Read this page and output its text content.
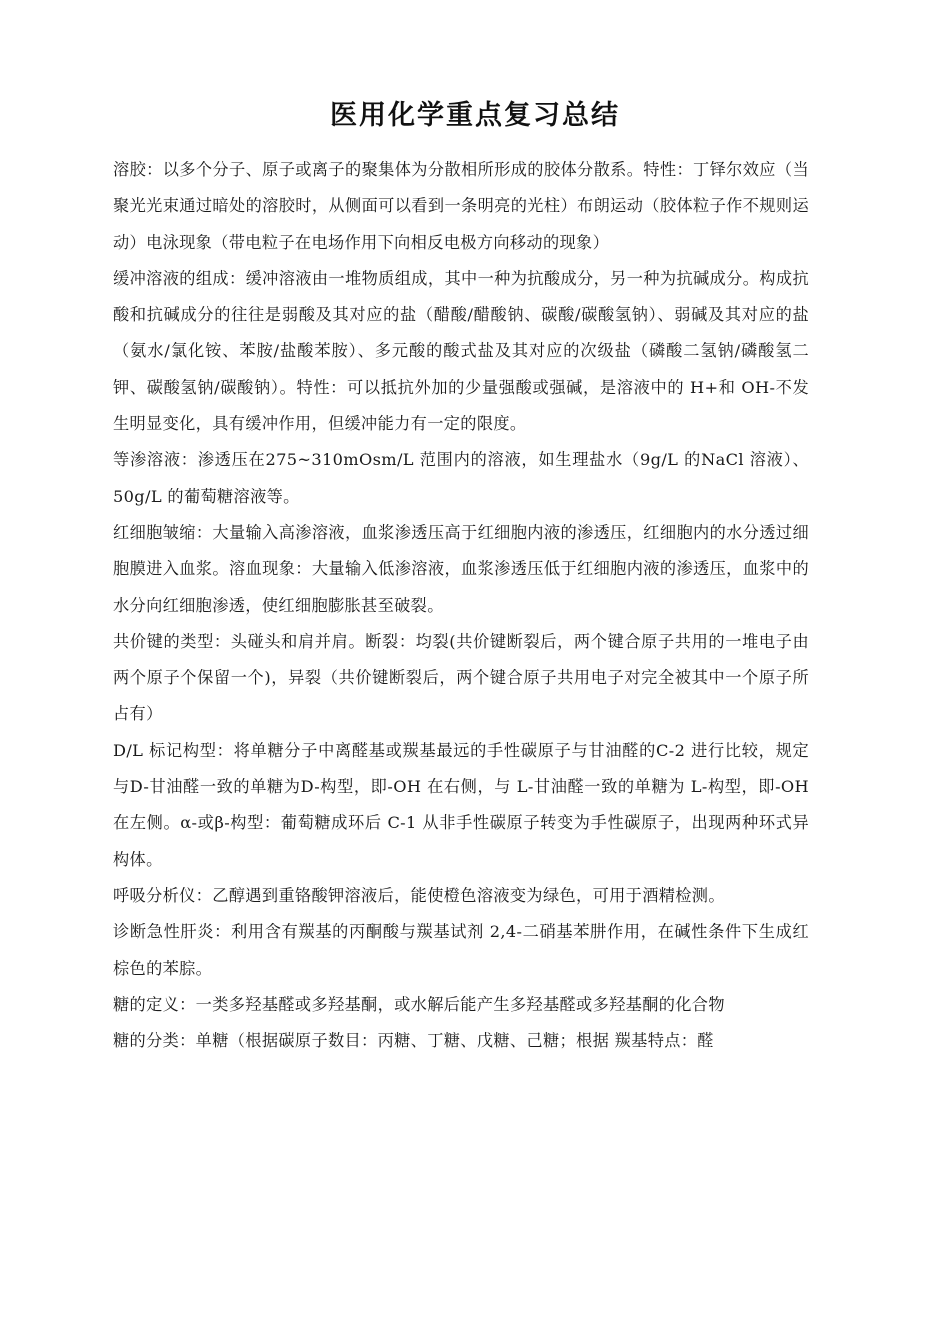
医用化学重点复习总结

溶胶：以多个分子、原子或离子的聚集体为分散相所形成的胶体分散系。特性：丁铎尔效应（当聚光光束通过暗处的溶胶时，从侧面可以看到一条明亮的光柱）布朗运动（胶体粒子作不规则运动）电泳现象（带电粒子在电场作用下向相反电极方向移动的现象）

缓冲溶液的组成：缓冲溶液由一堆物质组成，其中一种为抗酸成分，另一种为抗碱成分。构成抗酸和抗碱成分的往往是弱酸及其对应的盐（醋酸/醋酸钠、碳酸/碳酸氢钠）、弱碱及其对应的盐（氨水/氯化铵、苯胺/盐酸苯胺）、多元酸的酸式盐及其对应的次级盐（磷酸二氢钠/磷酸氢二钾、碳酸氢钠/碳酸钠）。特性：可以抵抗外加的少量强酸或强碱，是溶液中的 H+和 OH-不发生明显变化，具有缓冲作用，但缓冲能力有一定的限度。

等渗溶液：渗透压在275~310mOsm/L 范围内的溶液，如生理盐水（9g/L 的NaCl 溶液）、50g/L 的葡萄糖溶液等。

红细胞皱缩：大量输入高渗溶液，血浆渗透压高于红细胞内液的渗透压，红细胞内的水分透过细胞膜进入血浆。溶血现象：大量输入低渗溶液，血浆渗透压低于红细胞内液的渗透压，血浆中的水分向红细胞渗透，使红细胞膨胀甚至破裂。

共价键的类型：头碰头和肩并肩。断裂：均裂(共价键断裂后，两个键合原子共用的一堆电子由两个原子个保留一个)，异裂（共价键断裂后，两个键合原子共用电子对完全被其中一个原子所占有）

D/L 标记构型：将单糖分子中离醛基或羰基最远的手性碳原子与甘油醛的C-2 进行比较，规定与D-甘油醛一致的单糖为D-构型，即-OH 在右侧，与 L-甘油醛一致的单糖为 L-构型，即-OH 在左侧。α-或β-构型：葡萄糖成环后 C-1 从非手性碳原子转变为手性碳原子，出现两种环式异构体。

呼吸分析仪：乙醇遇到重铬酸钾溶液后，能使橙色溶液变为绿色，可用于酒精检测。

诊断急性肝炎：利用含有羰基的丙酮酸与羰基试剂 2,4-二硝基苯肼作用，在碱性条件下生成红棕色的苯腙。

糖的定义：一类多羟基醛或多羟基酮，或水解后能产生多羟基醛或多羟基酮的化合物

糖的分类：单糖（根据碳原子数目：丙糖、丁糖、戊糖、己糖；根据 羰基特点：醛
